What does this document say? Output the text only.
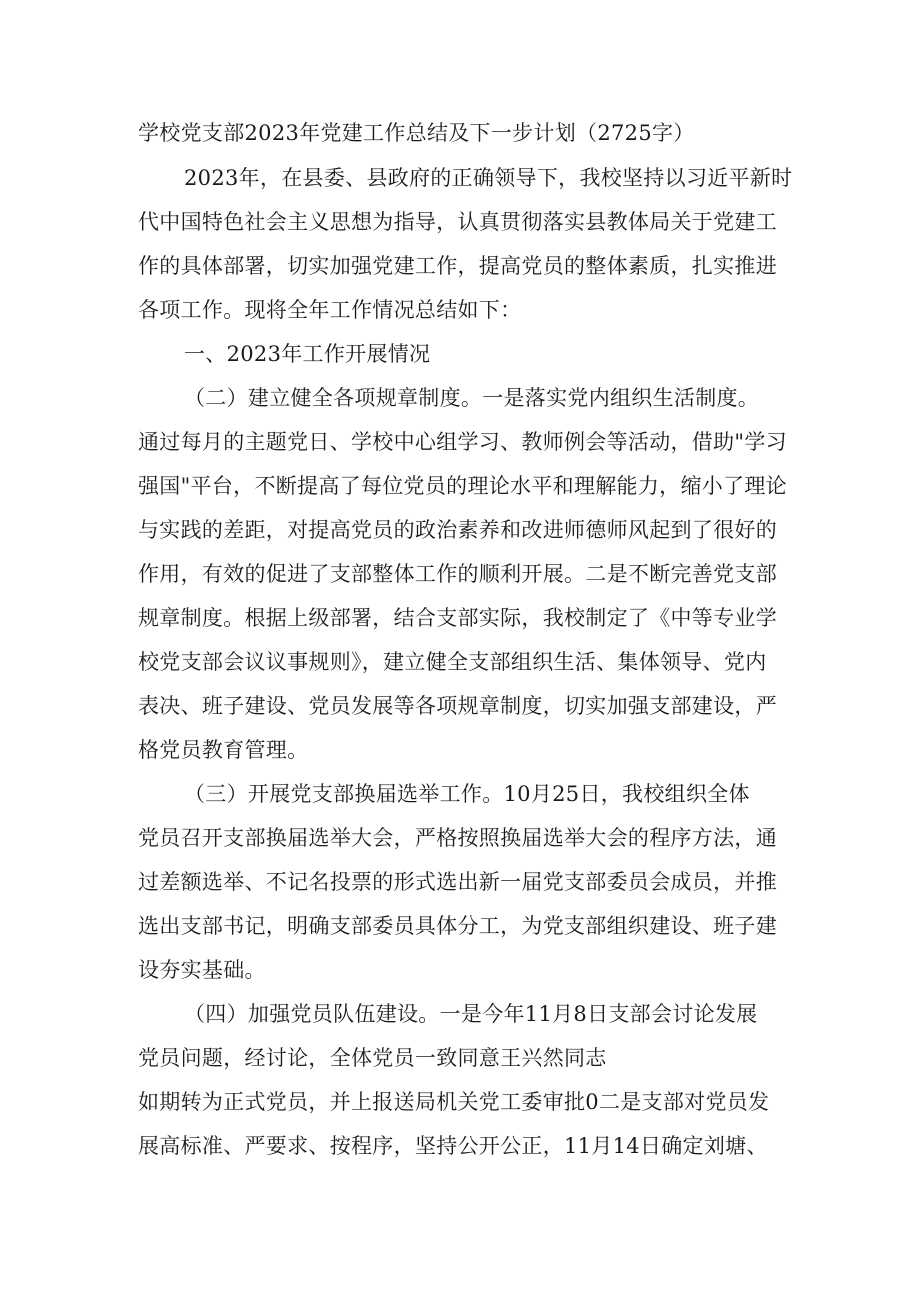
学校党支部2023年党建工作总结及下一步计划（2725字）
2023年，在县委、县政府的正确领导下，我校坚持以习近平新时
代中国特色社会主义思想为指导，认真贯彻落实县教体局关于党建工
作的具体部署，切实加强党建工作，提高党员的整体素质，扎实推进
各项工作。现将全年工作情况总结如下：
一、2023年工作开展情况
（二）建立健全各项规章制度。一是落实党内组织生活制度。
通过每月的主题党日、学校中心组学习、教师例会等活动，借助"学习
强国"平台，不断提高了每位党员的理论水平和理解能力，缩小了理论
与实践的差距，对提高党员的政治素养和改进师德师风起到了很好的
作用，有效的促进了支部整体工作的顺利开展。二是不断完善党支部
规章制度。根据上级部署，结合支部实际，我校制定了《中等专业学
校党支部会议议事规则》，建立健全支部组织生活、集体领导、党内
表决、班子建设、党员发展等各项规章制度，切实加强支部建设，严
格党员教育管理。
（三）开展党支部换届选举工作。10月25日，我校组织全体
党员召开支部换届选举大会，严格按照换届选举大会的程序方法，通
过差额选举、不记名投票的形式选出新一届党支部委员会成员，并推
选出支部书记，明确支部委员具体分工，为党支部组织建设、班子建
设夯实基础。
（四）加强党员队伍建设。一是今年11月8日支部会讨论发展
党员问题，经讨论，全体党员一致同意王兴然同志
如期转为正式党员，并上报送局机关党工委审批0二是支部对党员发
展高标准、严要求、按程序，坚持公开公正，11月14日确定刘塘、
